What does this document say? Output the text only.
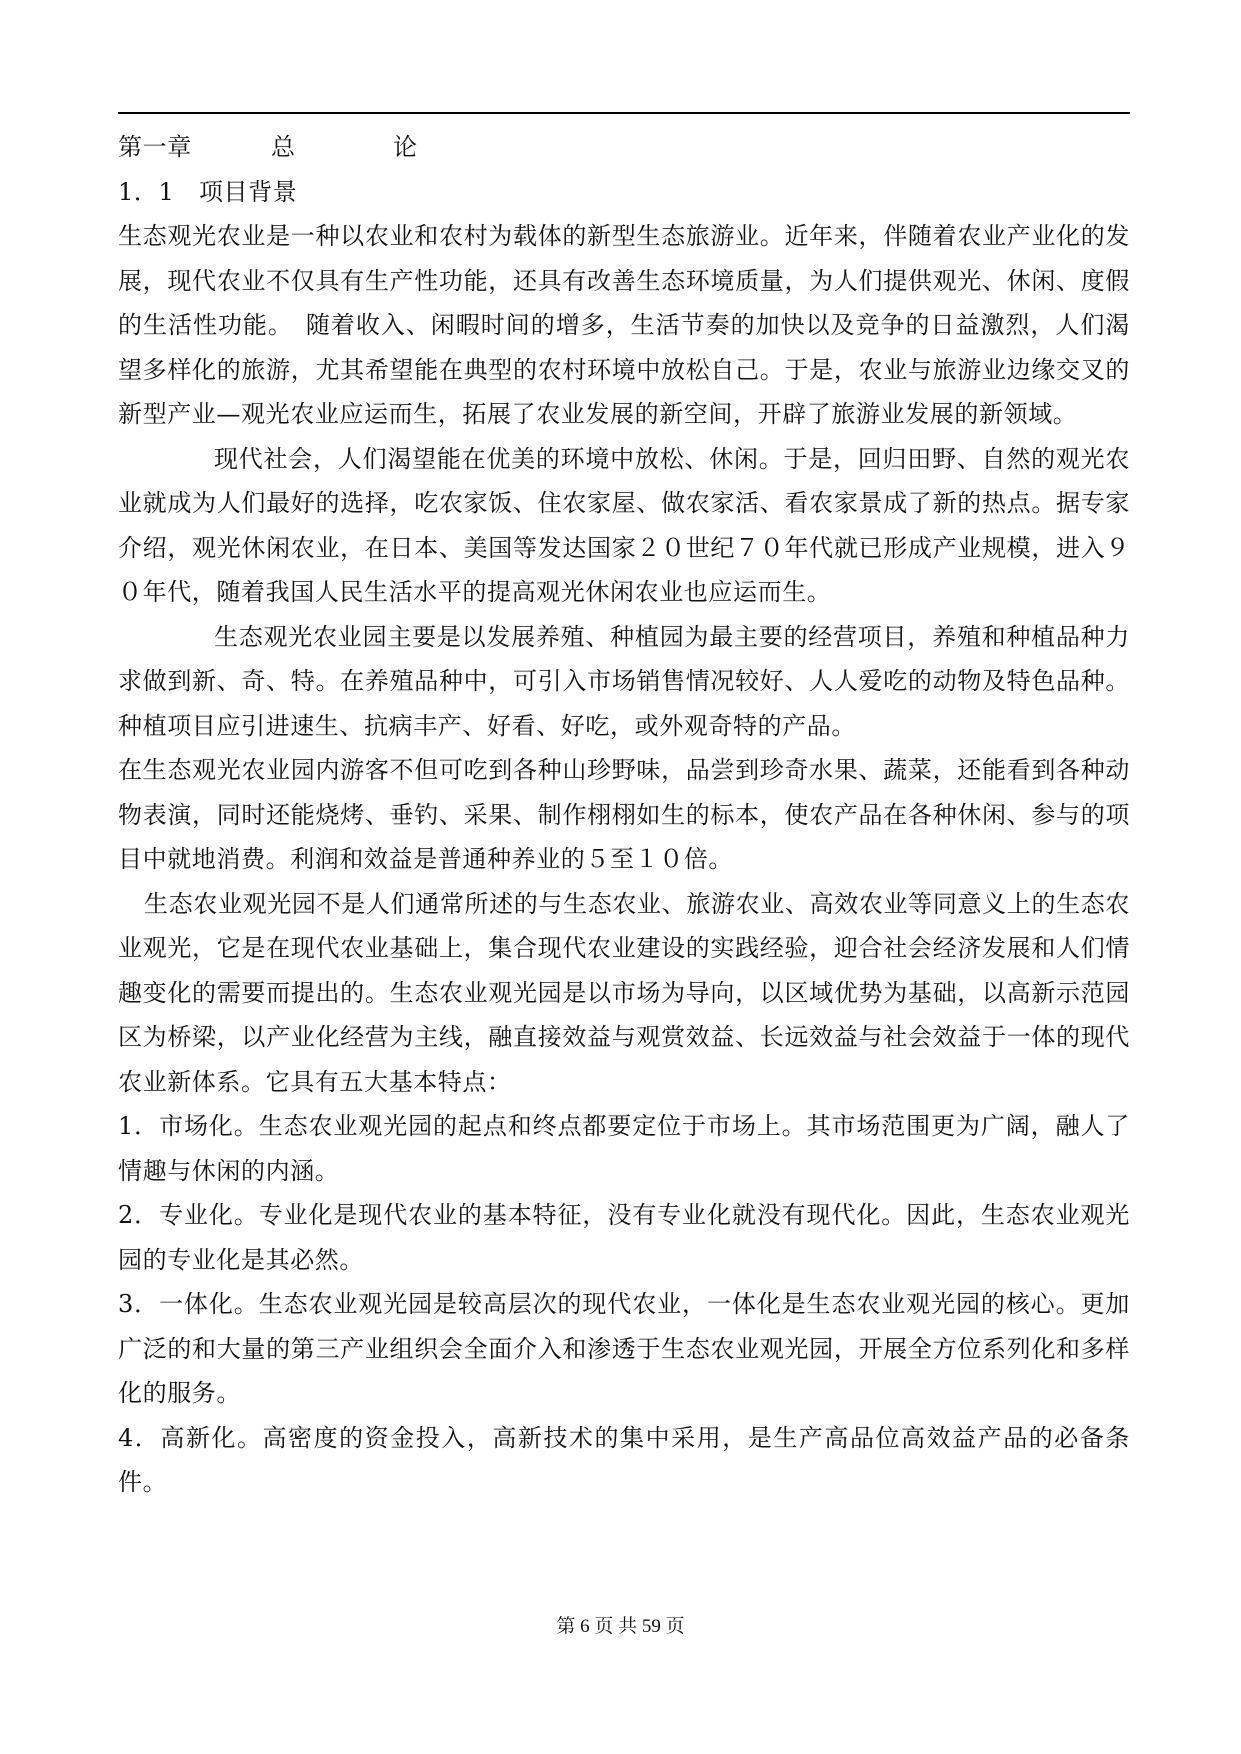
第一章	总	论

1．1　项目背景

生态观光农业是一种以农业和农村为载体的新型生态旅游业。近年来，伴随着农业产业化的发展，现代农业不仅具有生产性功能，还具有改善生态环境质量，为人们提供观光、休闲、度假的生活性功能。　随着收入、闲暇时间的增多，生活节奏的加快以及竞争的日益激烈，人们渴望多样化的旅游，尤其希望能在典型的农村环境中放松自己。于是，农业与旅游业边缘交叉的新型产业—观光农业应运而生，拓展了农业发展的新空间，开辟了旅游业发展的新领域。

现代社会，人们渴望能在优美的环境中放松、休闲。于是，回归田野、自然的观光农业就成为人们最好的选择，吃农家饭、住农家屋、做农家活、看农家景成了新的热点。据专家介绍，观光休闲农业，在日本、美国等发达国家２０世纪７０年代就已形成产业规模，进入９０年代，随着我国人民生活水平的提高观光休闲农业也应运而生。

生态观光农业园主要是以发展养殖、种植园为最主要的经营项目，养殖和种植品种力求做到新、奇、特。在养殖品种中，可引入市场销售情况较好、人人爱吃的动物及特色品种。种植项目应引进速生、抗病丰产、好看、好吃，或外观奇特的产品。

在生态观光农业园内游客不但可吃到各种山珍野味，品尝到珍奇水果、蔬菜，还能看到各种动物表演，同时还能烧烤、垂钓、采果、制作栩栩如生的标本，使农产品在各种休闲、参与的项目中就地消费。利润和效益是普通种养业的５至１０倍。

生态农业观光园不是人们通常所述的与生态农业、旅游农业、高效农业等同意义上的生态农业观光，它是在现代农业基础上，集合现代农业建设的实践经验，迎合社会经济发展和人们情趣变化的需要而提出的。生态农业观光园是以市场为导向，以区域优势为基础，以高新示范园区为桥梁，以产业化经营为主线，融直接效益与观赏效益、长远效益与社会效益于一体的现代农业新体系。它具有五大基本特点：

1．市场化。生态农业观光园的起点和终点都要定位于市场上。其市场范围更为广阔，融人了情趣与休闲的内涵。

2．专业化。专业化是现代农业的基本特征，没有专业化就没有现代化。因此，生态农业观光园的专业化是其必然。

3．一体化。生态农业观光园是较高层次的现代农业，一体化是生态农业观光园的核心。更加广泛的和大量的第三产业组织会全面介入和渗透于生态农业观光园，开展全方位系列化和多样化的服务。

4．高新化。高密度的资金投入，高新技术的集中采用，是生产高品位高效益产品的必备条件。

第 6 页 共 59 页
